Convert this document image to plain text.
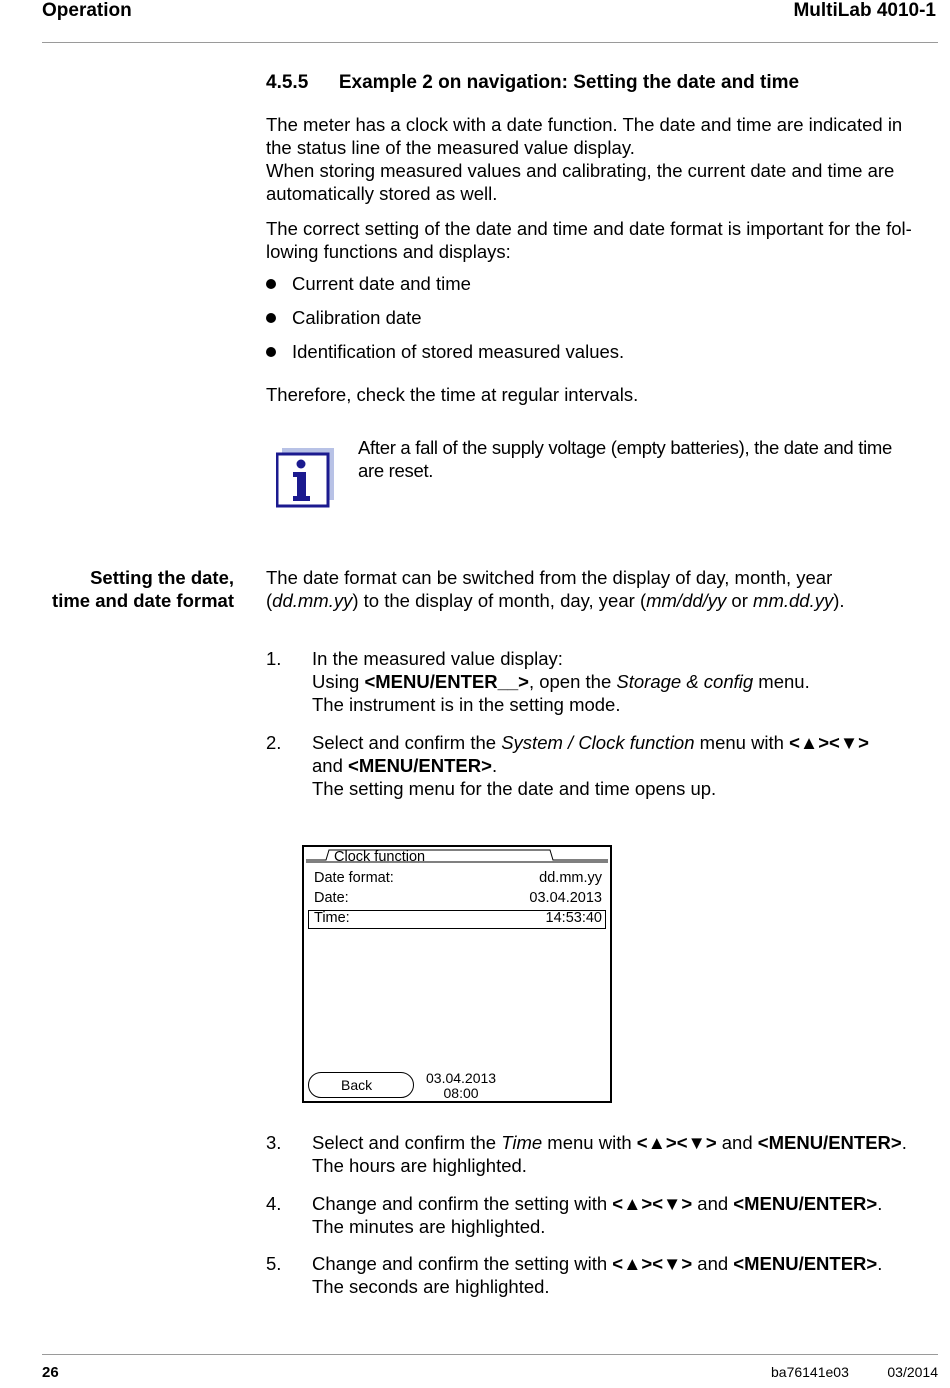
Operation	MultiLab 4010-1
4.5.5 Example 2 on navigation: Setting the date and time
The meter has a clock with a date function. The date and time are indicated in
the status line of the measured value display.
When storing measured values and calibrating, the current date and time are
automatically stored as well.
The correct setting of the date and time and date format is important for the fol-
lowing functions and displays:
Current date and time
Calibration date
Identification of stored measured values.
Therefore, check the time at regular intervals.
After a fall of the supply voltage (empty batteries), the date and time
are reset.
Setting the date,
time and date format
The date format can be switched from the display of day, month, year
(dd.mm.yy) to the display of month, day, year (mm/dd/yy or mm.dd.yy).
1. In the measured value display:
Using <MENU/ENTER__>, open the Storage & config menu.
The instrument is in the setting mode.
2. Select and confirm the System / Clock function menu with <▲><▼>
and <MENU/ENTER>.
The setting menu for the date and time opens up.
Clock function
Date format:	dd.mm.yy
Date:	03.04.2013
Time:	14:53:40
Back	03.04.2013
08:00
3. Select and confirm the Time menu with <▲><▼> and <MENU/ENTER>.
The hours are highlighted.
4. Change and confirm the setting with <▲><▼> and <MENU/ENTER>.
The minutes are highlighted.
5. Change and confirm the setting with <▲><▼> and <MENU/ENTER>.
The seconds are highlighted.
26	ba76141e03	03/2014
